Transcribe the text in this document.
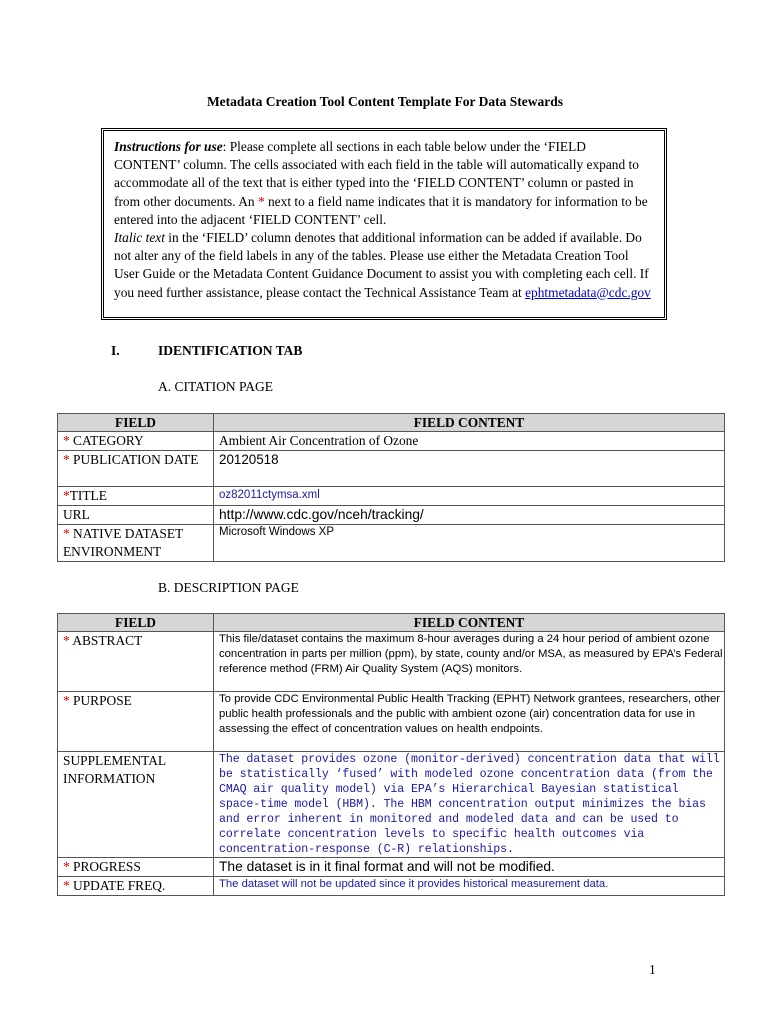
Metadata Creation Tool Content Template For Data Stewards
Instructions for use: Please complete all sections in each table below under the ‘FIELD CONTENT’ column. The cells associated with each field in the table will automatically expand to accommodate all of the text that is either typed into the ‘FIELD CONTENT’ column or pasted in from other documents. An * next to a field name indicates that it is mandatory for information to be entered into the adjacent ‘FIELD CONTENT’ cell.
Italic text in the ‘FIELD’ column denotes that additional information can be added if available. Do not alter any of the field labels in any of the tables. Please use either the Metadata Creation Tool User Guide or the Metadata Content Guidance Document to assist you with completing each cell. If you need further assistance, please contact the Technical Assistance Team at ephtmetadata@cdc.gov
I.	IDENTIFICATION TAB
A. CITATION PAGE
FIELD	FIELD CONTENT
* CATEGORY	Ambient Air Concentration of Ozone
* PUBLICATION DATE	20120518
*TITLE	oz82011ctymsa.xml
URL	http://www.cdc.gov/nceh/tracking/
* NATIVE DATASET ENVIRONMENT	Microsoft Windows XP
B. DESCRIPTION PAGE
FIELD	FIELD CONTENT
* ABSTRACT	This file/dataset contains the maximum 8-hour averages during a 24 hour period of ambient ozone concentration in parts per million (ppm), by state, county and/or MSA, as measured by EPA’s Federal reference method (FRM) Air Quality System (AQS) monitors.
* PURPOSE	To provide CDC Environmental Public Health Tracking (EPHT) Network grantees, researchers, other public health professionals and the public with ambient ozone (air) concentration data for use in assessing the effect of concentration values on health endpoints.
SUPPLEMENTAL INFORMATION	The dataset provides ozone (monitor-derived) concentration data that will be statistically ‘fused’ with modeled ozone concentration data (from the CMAQ air quality model) via EPA’s Hierarchical Bayesian statistical space-time model (HBM). The HBM concentration output minimizes the bias and error inherent in monitored and modeled data and can be used to correlate concentration levels to specific health outcomes via concentration-response (C-R) relationships.
* PROGRESS	The dataset is in it final format and will not be modified.
* UPDATE FREQ.	The dataset will not be updated since it provides historical measurement data.
1
